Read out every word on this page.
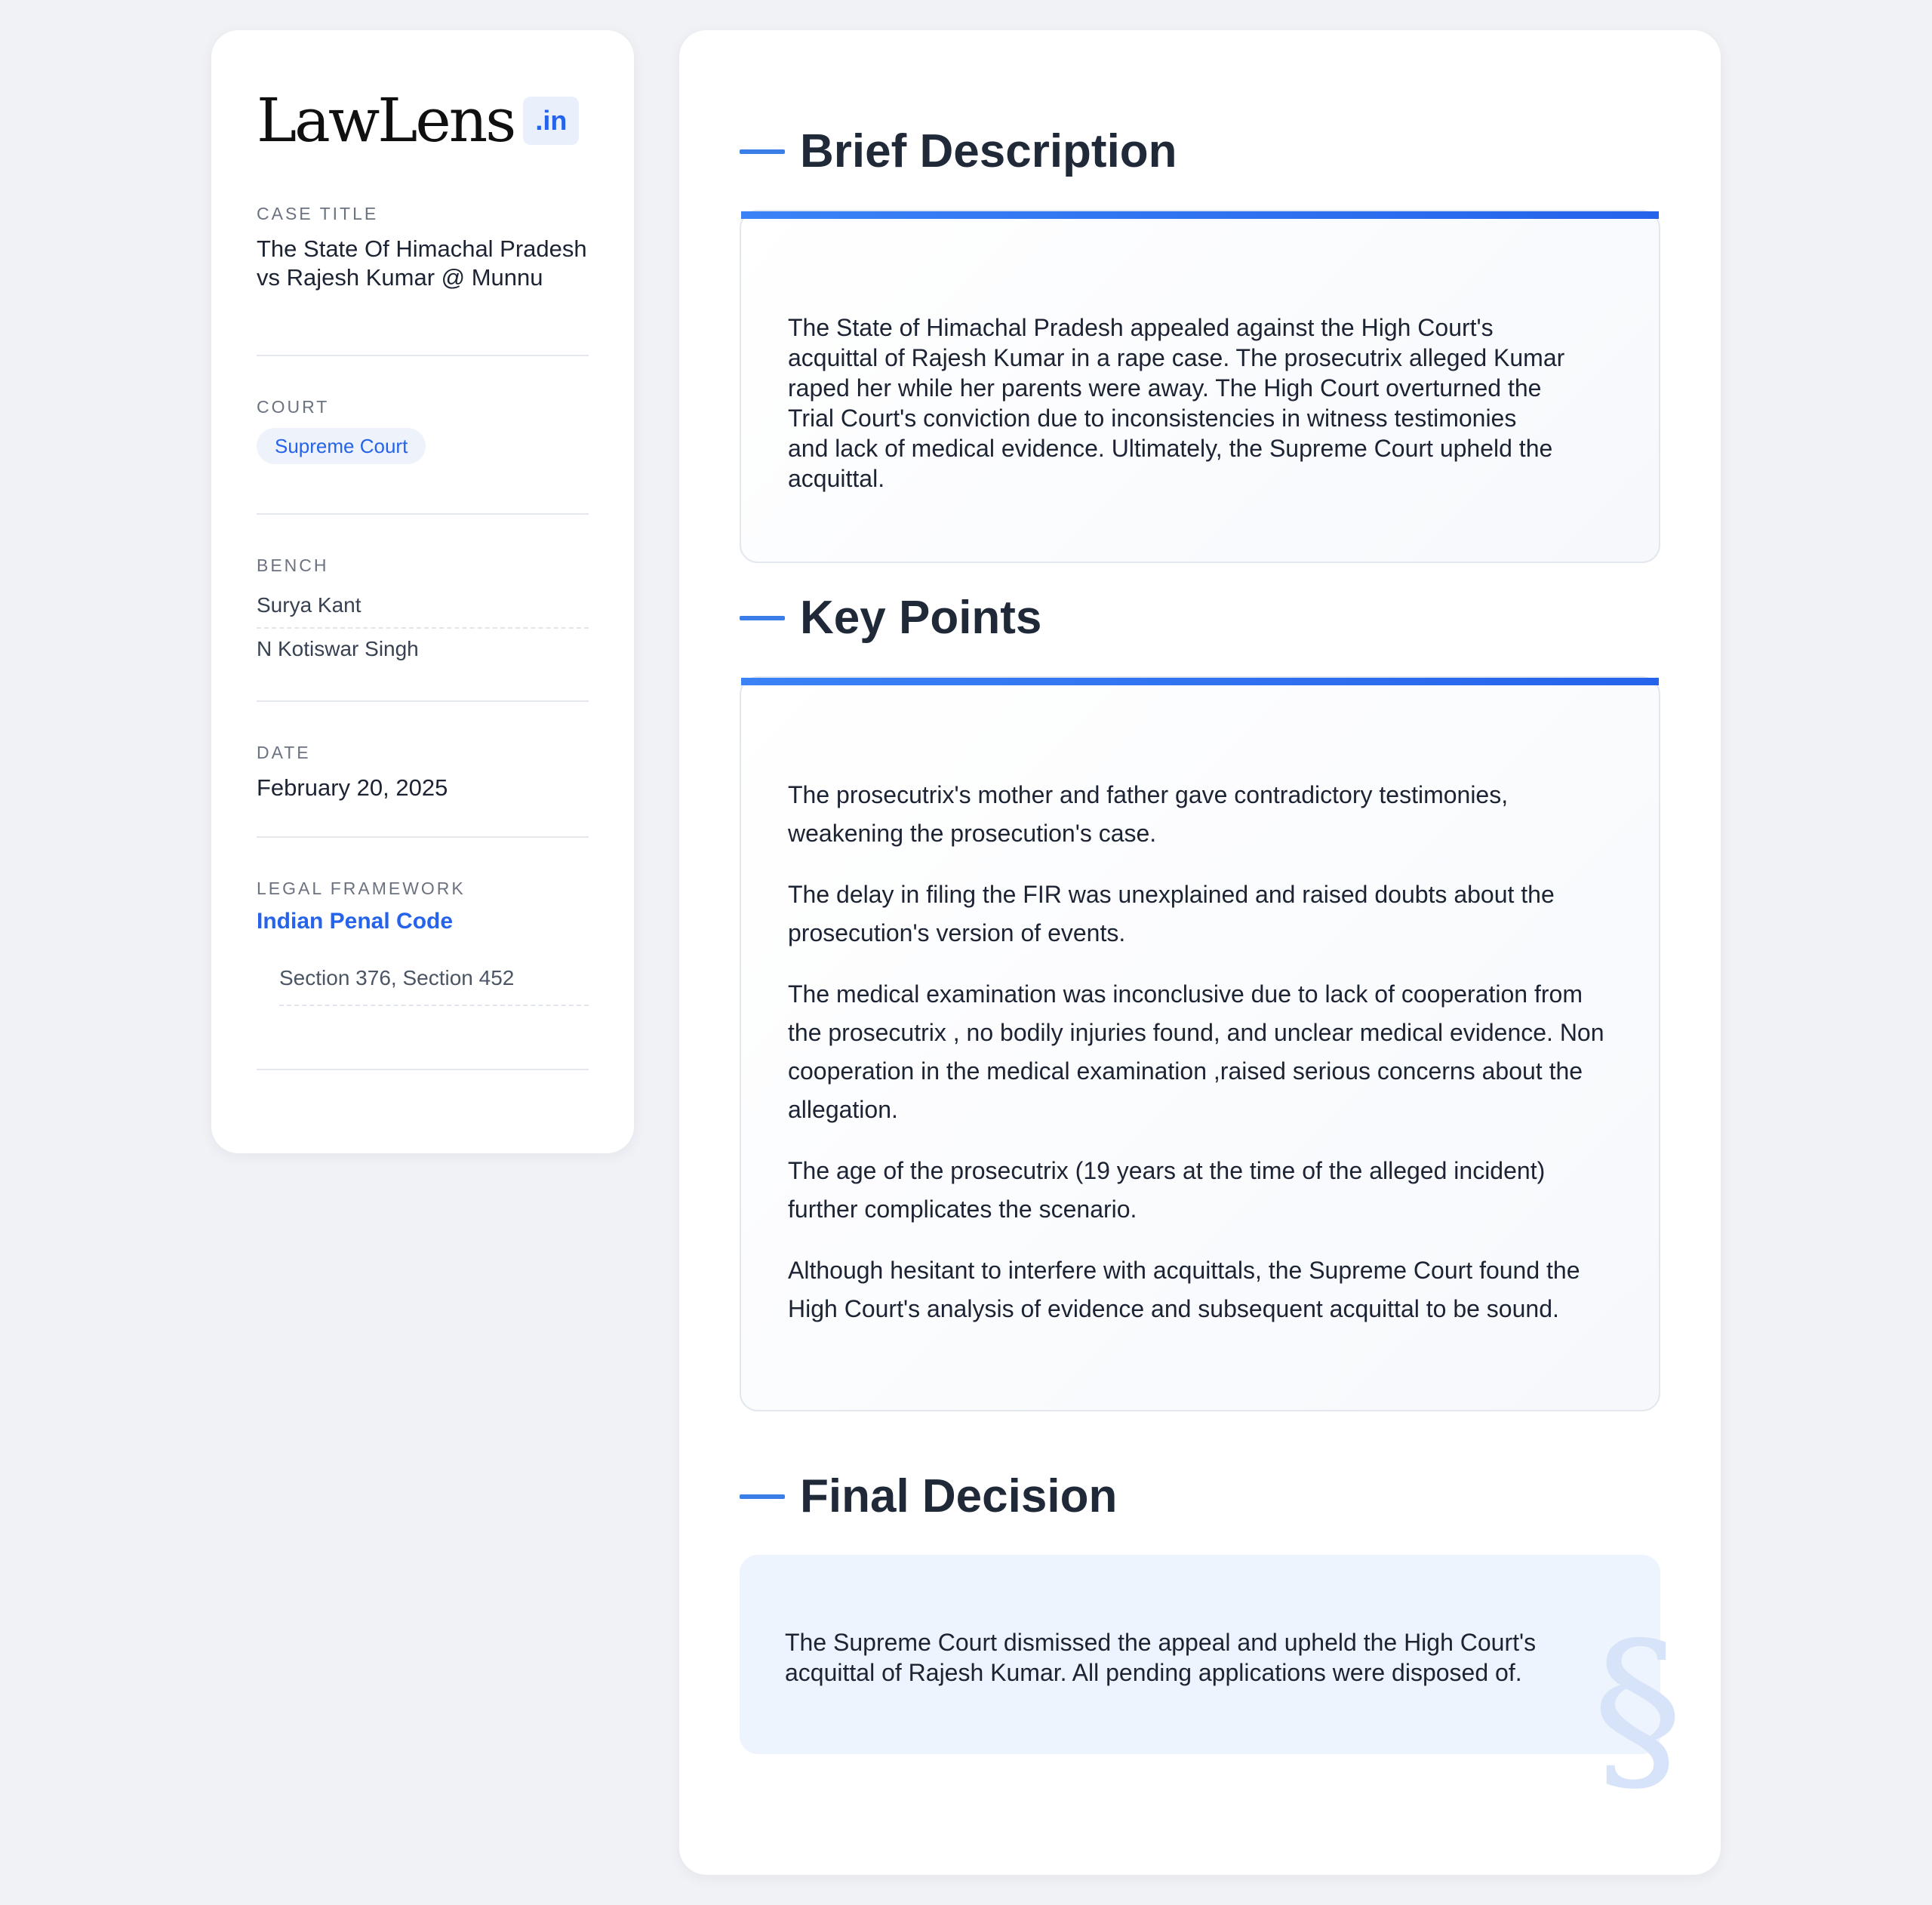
LawLens .in
CASE TITLE
The State Of Himachal Pradesh vs Rajesh Kumar @ Munnu
COURT
Supreme Court
BENCH
Surya Kant
N Kotiswar Singh
DATE
February 20, 2025
LEGAL FRAMEWORK
Indian Penal Code
Section 376, Section 452
Brief Description

The State of Himachal Pradesh appealed against the High Court's
acquittal of Rajesh Kumar in a rape case. The prosecutrix alleged Kumar
raped her while her parents were away. The High Court overturned the
Trial Court's conviction due to inconsistencies in witness testimonies
and lack of medical evidence. Ultimately, the Supreme Court upheld the
acquittal.

Key Points
The prosecutrix's mother and father gave contradictory testimonies, weakening the prosecution's case.
The delay in filing the FIR was unexplained and raised doubts about the prosecution's version of events.
The medical examination was inconclusive due to lack of cooperation from the prosecutrix , no bodily injuries found, and unclear medical evidence. Non cooperation in the medical examination ,raised serious concerns about the allegation.
The age of the prosecutrix (19 years at the time of the alleged incident) further complicates the scenario.
Although hesitant to interfere with acquittals, the Supreme Court found the High Court's analysis of evidence and subsequent acquittal to be sound.
Final Decision

The Supreme Court dismissed the appeal and upheld the High Court's
acquittal of Rajesh Kumar. All pending applications were disposed of. §
